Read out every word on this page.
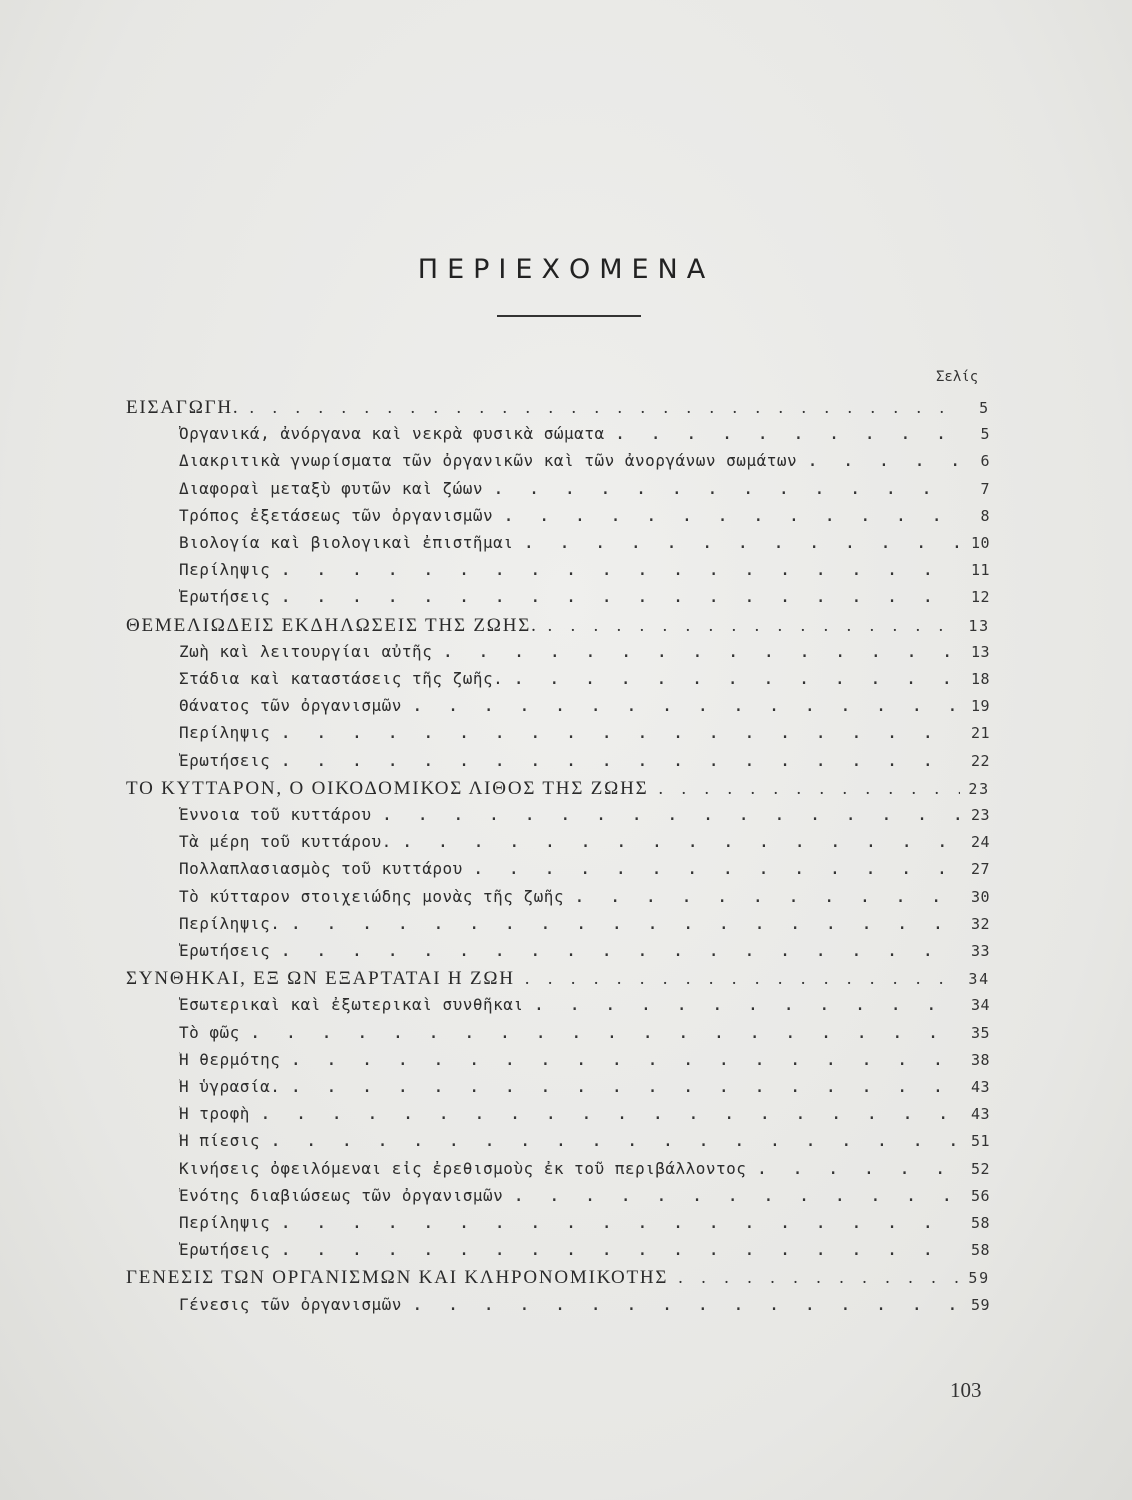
ΠΕΡΙΕΧΟΜΕΝΑ
Σελίς
ΕΙΣΑΓΩΓΗ. . . .	5
Ὀργανικά, ἀνόργανα καὶ νεκρὰ φυσικὰ σώματα . . .	5
Διακριτικὰ γνωρίσματα τῶν ὀργανικῶν καὶ τῶν ἀνοργάνων σωμάτων . . .	6
Διαφοραὶ μεταξὺ φυτῶν καὶ ζώων . . .	7
Τρόπος ἐξετάσεως τῶν ὀργανισμῶν . . .	8
Βιολογία καὶ βιολογικαὶ ἐπιστῆμαι . . .	10
Περίληψις . . .	11
Ἐρωτήσεις . . .	12
ΘΕΜΕΛΙΩΔΕΙΣ ΕΚΔΗΛΩΣΕΙΣ ΤΗΣ ΖΩΗΣ. . . .	13
Ζωὴ καὶ λειτουργίαι αὐτῆς . . .	13
Στάδια καὶ καταστάσεις τῆς ζωῆς. . . .	18
Θάνατος τῶν ὀργανισμῶν . . .	19
Περίληψις . . .	21
Ἐρωτήσεις . . .	22
ΤΟ ΚΥΤΤΑΡΟΝ, Ο ΟΙΚΟΔΟΜΙΚΟΣ ΛΙΘΟΣ ΤΗΣ ΖΩΗΣ . . .	23
Ἔννοια τοῦ κυττάρου . . .	23
Τὰ μέρη τοῦ κυττάρου. . . .	24
Πολλαπλασιασμὸς τοῦ κυττάρου . . .	27
Τὸ κύτταρον στοιχειώδης μονὰς τῆς ζωῆς . . .	30
Περίληψις. . . .	32
Ἐρωτήσεις . . .	33
ΣΥΝΘΗΚΑΙ, ΕΞ ΩΝ ΕΞΑΡΤΑΤΑΙ Η ΖΩΗ . . .	34
Ἐσωτερικαὶ καὶ ἐξωτερικαὶ συνθῆκαι . . .	34
Τὸ φῶς . . .	35
Ἡ θερμότης . . .	38
Ἡ ὑγρασία. . . .	43
Ἡ τροφὴ . . .	43
Ἡ πίεσις . . .	51
Κινήσεις ὀφειλόμεναι εἰς ἐρεθισμοὺς ἐκ τοῦ περιβάλλοντος . . .	52
Ἑνότης διαβιώσεως τῶν ὀργανισμῶν . . .	56
Περίληψις . . .	58
Ἐρωτήσεις . . .	58
ΓΕΝΕΣΙΣ ΤΩΝ ΟΡΓΑΝΙΣΜΩΝ ΚΑΙ ΚΛΗΡΟΝΟΜΙΚΟΤΗΣ . . .	59
Γένεσις τῶν ὀργανισμῶν . . .	59
103
